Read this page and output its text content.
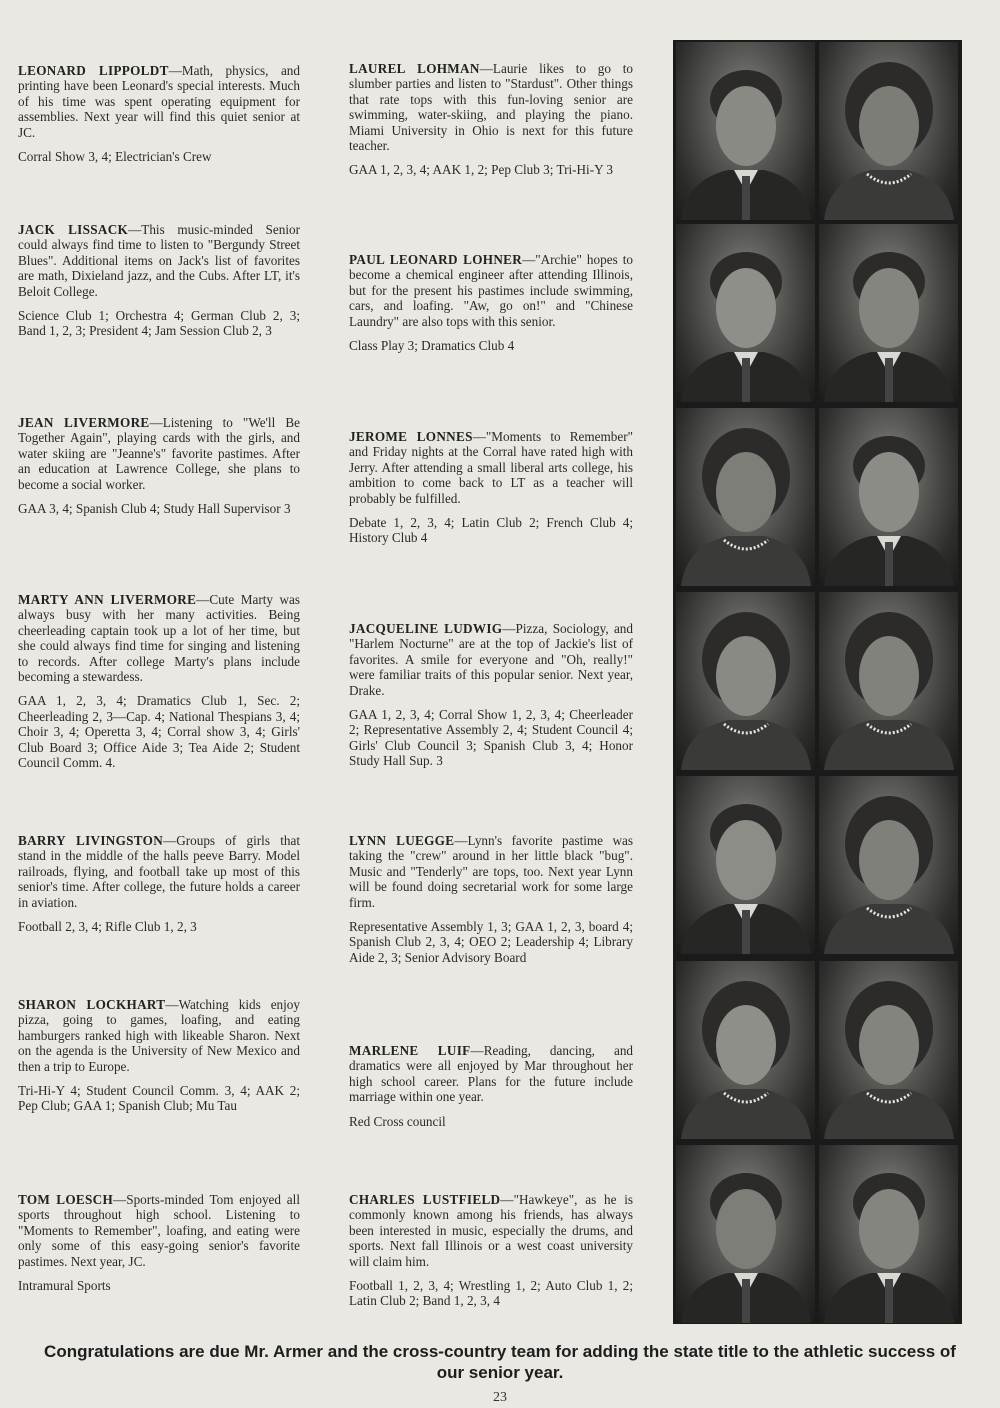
LEONARD LIPPOLDT—Math, physics, and printing have been Leonard's special interests. Much of his time was spent operating equipment for assemblies. Next year will find this quiet senior at JC.
Corral Show 3, 4; Electrician's Crew
JACK LISSACK—This music-minded Senior could always find time to listen to "Bergundy Street Blues". Additional items on Jack's list of favorites are math, Dixieland jazz, and the Cubs. After LT, it's Beloit College.
Science Club 1; Orchestra 4; German Club 2, 3; Band 1, 2, 3; President 4; Jam Session Club 2, 3
JEAN LIVERMORE—Listening to "We'll Be Together Again", playing cards with the girls, and water skiing are "Jeanne's" favorite pastimes. After an education at Lawrence College, she plans to become a social worker.
GAA 3, 4; Spanish Club 4; Study Hall Supervisor 3
MARTY ANN LIVERMORE—Cute Marty was always busy with her many activities. Being cheerleading captain took up a lot of her time, but she could always find time for singing and listening to records. After college Marty's plans include becoming a stewardess.
GAA 1, 2, 3, 4; Dramatics Club 1, Sec. 2; Cheerleading 2, 3—Cap. 4; National Thespians 3, 4; Choir 3, 4; Operetta 3, 4; Corral show 3, 4; Girls' Club Board 3; Office Aide 3; Tea Aide 2; Student Council Comm. 4.
BARRY LIVINGSTON—Groups of girls that stand in the middle of the halls peeve Barry. Model railroads, flying, and football take up most of this senior's time. After college, the future holds a career in aviation.
Football 2, 3, 4; Rifle Club 1, 2, 3
SHARON LOCKHART—Watching kids enjoy pizza, going to games, loafing, and eating hamburgers ranked high with likeable Sharon. Next on the agenda is the University of New Mexico and then a trip to Europe.
Tri-Hi-Y 4; Student Council Comm. 3, 4; AAK 2; Pep Club; GAA 1; Spanish Club; Mu Tau
TOM LOESCH—Sports-minded Tom enjoyed all sports throughout high school. Listening to "Moments to Remember", loafing, and eating were only some of this easy-going senior's favorite pastimes. Next year, JC.
Intramural Sports
LAUREL LOHMAN—Laurie likes to go to slumber parties and listen to "Stardust". Other things that rate tops with this fun-loving senior are swimming, water-skiing, and playing the piano. Miami University in Ohio is next for this future teacher.
GAA 1, 2, 3, 4; AAK 1, 2; Pep Club 3; Tri-Hi-Y 3
PAUL LEONARD LOHNER—"Archie" hopes to become a chemical engineer after attending Illinois, but for the present his pastimes include swimming, cars, and loafing. "Aw, go on!" and "Chinese Laundry" are also tops with this senior.
Class Play 3; Dramatics Club 4
JEROME LONNES—"Moments to Remember" and Friday nights at the Corral have rated high with Jerry. After attending a small liberal arts college, his ambition to come back to LT as a teacher will probably be fulfilled.
Debate 1, 2, 3, 4; Latin Club 2; French Club 4; History Club 4
JACQUELINE LUDWIG—Pizza, Sociology, and "Harlem Nocturne" are at the top of Jackie's list of favorites. A smile for everyone and "Oh, really!" were familiar traits of this popular senior. Next year, Drake.
GAA 1, 2, 3, 4; Corral Show 1, 2, 3, 4; Cheerleader 2; Representative Assembly 2, 4; Student Council 4; Girls' Club Council 3; Spanish Club 3, 4; Honor Study Hall Sup. 3
LYNN LUEGGE—Lynn's favorite pastime was taking the "crew" around in her little black "bug". Music and "Tenderly" are tops, too. Next year Lynn will be found doing secretarial work for some large firm.
Representative Assembly 1, 3; GAA 1, 2, 3, board 4; Spanish Club 2, 3, 4; OEO 2; Leadership 4; Library Aide 2, 3; Senior Advisory Board
MARLENE LUIF—Reading, dancing, and dramatics were all enjoyed by Mar throughout her high school career. Plans for the future include marriage within one year.
Red Cross council
CHARLES LUSTFIELD—"Hawkeye", as he is commonly known among his friends, has always been interested in music, especially the drums, and sports. Next fall Illinois or a west coast university will claim him.
Football 1, 2, 3, 4; Wrestling 1, 2; Auto Club 1, 2; Latin Club 2; Band 1, 2, 3, 4
Congratulations are due Mr. Armer and the cross-country team for adding the state title to the athletic success of our senior year.
23
